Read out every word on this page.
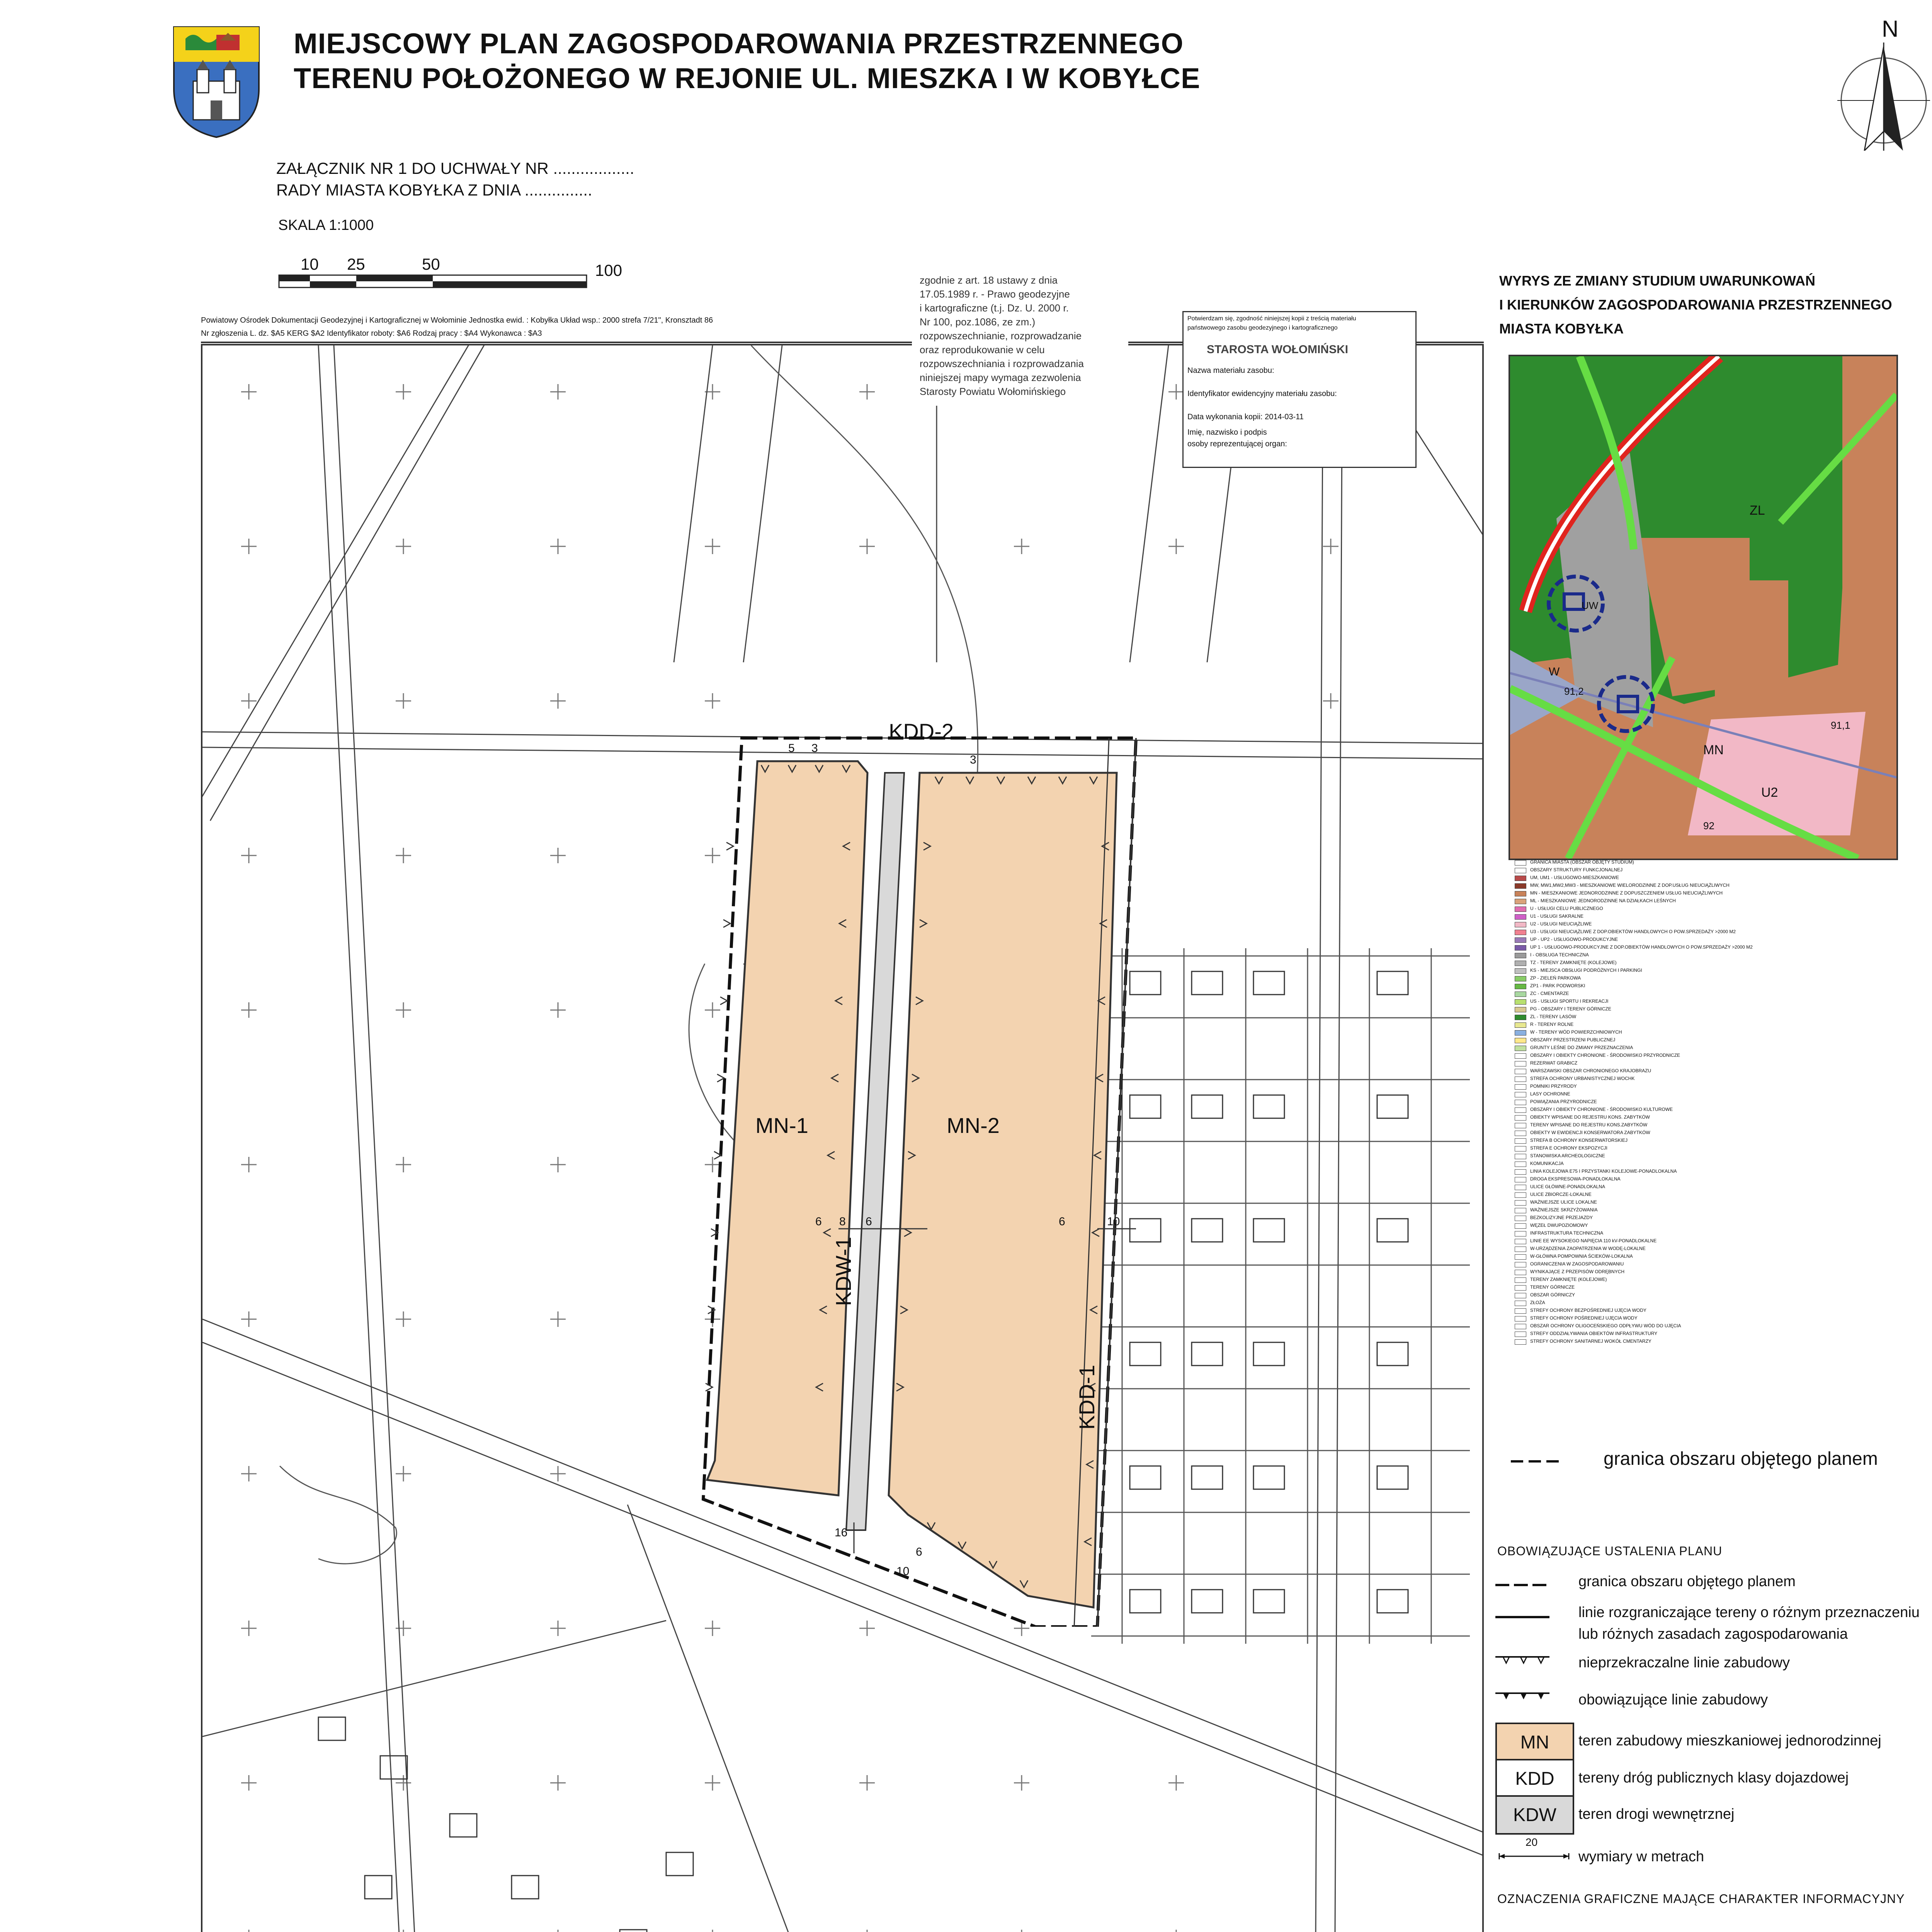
MIEJSCOWY PLAN ZAGOSPODAROWANIA PRZESTRZENNEGO
TERENU POŁOŻONEGO W REJONIE UL. MIESZKA I W KOBYŁCE
ZAŁĄCZNIK NR 1 DO UCHWAŁY NR ..................
RADY MIASTA KOBYŁKA Z DNIA ...............
SKALA 1:1000
10 25	50	100
N
Powiatowy Ośrodek Dokumentacji Geodezyjnej i Kartograficznej w Wołominie Jednostka ewid. : Kobyłka Układ wsp.: 2000 strefa 7/21", Kronsztadt 86
Nr zgłoszenia L. dz. $A5 KERG $A2 Identyfikator roboty: $A6 Rodzaj pracy : $A4 Wykonawca : $A3
zgodnie z art. 18 ustawy z dnia
17.05.1989 r. - Prawo geodezyjne
i kartograficzne (t.j. Dz. U. 2000 r.
Nr 100, poz.1086, ze zm.)
rozpowszechnianie, rozprowadzanie
oraz reprodukowanie w celu
rozpowszechniania i rozprowadzania
niniejszej mapy wymaga zezwolenia
Starosty Powiatu Wołomińskiego
Potwierdzam się, zgodność niniejszej kopii z treścią materiału
państwowego zasobu geodezyjnego i kartograficznego
STAROSTA WOŁOMIŃSKI
Nazwa materiału zasobu:
Identyfikator ewidencyjny materiału zasobu:
Data wykonania kopii: 2014-03-11
Imię, nazwisko i podpis
osoby reprezentującej organ:
KDD-2
MN-1	MN-2
KDW-1
KDD-1
5 3
3
6 8 6	6	10
16
10
6
WYRYS ZE ZMIANY STUDIUM UWARUNKOWAŃ
I KIERUNKÓW ZAGOSPODAROWANIA PRZESTRZENNEGO
MIASTA KOBYŁKA
ZL
UW
W
91,2
91,1
MN
U2
92
GRANICA MIASTA (OBSZAR OBJĘTY STUDIUM)
OBSZARY STRUKTURY FUNKCJONALNEJ
UM, UM1 - USŁUGOWO-MIESZKANIOWE
MW, MW1,MW2,MW3 - MIESZKANIOWE WIELORODZINNE Z DOP.USŁUG NIEUCIĄŻLIWYCH
MN - MIESZKANIOWE JEDNORODZINNE Z DOPUSZCZENIEM USŁUG NIEUCIĄŻLIWYCH
ML - MIESZKANIOWE JEDNORODZINNE NA DZIAŁKACH LEŚNYCH
U - USŁUGI CELU PUBLICZNEGO
U1 - USŁUGI SAKRALNE
U2 - USŁUGI NIEUCIĄŻLIWE
U3 - USŁUGI NIEUCIĄŻLIWE Z DOP.OBIEKTÓW HANDLOWYCH O POW.SPRZEDAŻY >2000 M2
UP - UP2 - USŁUGOWO-PRODUKCYJNE
UP 1 - USŁUGOWO-PRODUKCYJNE Z DOP.OBIEKTÓW HANDLOWYCH O POW.SPRZEDAŻY >2000 M2
I - OBSŁUGA TECHNICZNA
TZ - TERENY ZAMKNIĘTE (KOLEJOWE)
KS - MIEJSCA OBSŁUGI PODRÓŻNYCH I PARKINGI
ZP - ZIELEŃ PARKOWA
ZP1 - PARK PODWORSKI
ZC - CMENTARZE
US - USŁUGI SPORTU I REKREACJI
PG - OBSZARY I TERENY GÓRNICZE
ZL - TERENY LASÓW
R - TERENY ROLNE
W - TERENY WÓD POWIERZCHNIOWYCH
OBSZARY PRZESTRZENI PUBLICZNEJ
GRUNTY LEŚNE DO ZMIANY PRZEZNACZENIA
OBSZARY I OBIEKTY CHRONIONE - ŚRODOWISKO PRZYRODNICZE
REZERWAT GRABICZ
WARSZAWSKI OBSZAR CHRONIONEGO KRAJOBRAZU
STREFA OCHRONY URBANISTYCZNEJ WOCHK
POMNIKI PRZYRODY
LASY OCHRONNE
POWIĄZANIA PRZYRODNICZE
OBSZARY I OBIEKTY CHRONIONE - ŚRODOWISKO KULTUROWE
OBIEKTY WPISANE DO REJESTRU KONS. ZABYTKÓW
TERENY WPISANE DO REJESTRU KONS.ZABYTKÓW
OBIEKTY W EWIDENCJI KONSERWATORA ZABYTKÓW
STREFA B OCHRONY KONSERWATORSKIEJ
STREFA E OCHRONY EKSPOZYCJI
STANOWISKA ARCHEOLOGICZNE
KOMUNIKACJA
LINIA KOLEJOWA E75 I PRZYSTANKI KOLEJOWE-PONADLOKALNA
DROGA EKSPRESOWA-PONADLOKALNA
ULICE GŁÓWNE-PONADLOKALNA
ULICE ZBIORCZE-LOKALNE
WAŻNIEJSZE ULICE LOKALNE
WAŻNIEJSZE SKRZYŻOWANIA
BEZKOLIZYJNE PRZEJAZDY
WĘZEŁ DWUPOZIOMOWY
INFRASTRUKTURA TECHNICZNA
LINIE EE WYSOKIEGO NAPIĘCIA 110 kV-PONADLOKALNE
W-URZĄDZENIA ZAOPATRZENIA W WODĘ-LOKALNE
W-GŁÓWNA POMPOWNIA ŚCIEKÓW-LOKALNA
OGRANICZENIA W ZAGOSPODAROWANIU
WYNIKAJĄCE Z PRZEPISÓW ODRĘBNYCH
TERENY ZAMKNIĘTE (KOLEJOWE)
TERENY GÓRNICZE
OBSZAR GÓRNICZY
ZŁOŻA
STREFY OCHRONY BEZPOŚREDNIEJ UJĘCIA WODY
STREFY OCHRONY POŚREDNIEJ UJĘCIA WODY
OBSZAR OCHRONY OLIGOCEŃSKIEGO ODPŁYWU WÓD DO UJĘCIA
STREFY ODDZIAŁYWANIA OBIEKTÓW INFRASTRUKTURY
STREFY OCHRONY SANITARNEJ WOKÓŁ CMENTARZY
granica obszaru objętego planem
OBOWIĄZUJĄCE USTALENIA PLANU
granica obszaru objętego planem
linie rozgraniczające tereny o różnym przeznaczeniu
lub różnych zasadach zagospodarowania
nieprzekraczalne linie zabudowy
obowiązujące linie zabudowy
MN	teren zabudowy mieszkaniowej jednorodzinnej
KDD	tereny dróg publicznych klasy dojazdowej
KDW	teren drogi wewnętrznej
20
wymiary w metrach
OZNACZENIA GRAFICZNE MAJĄCE CHARAKTER INFORMACYJNY
